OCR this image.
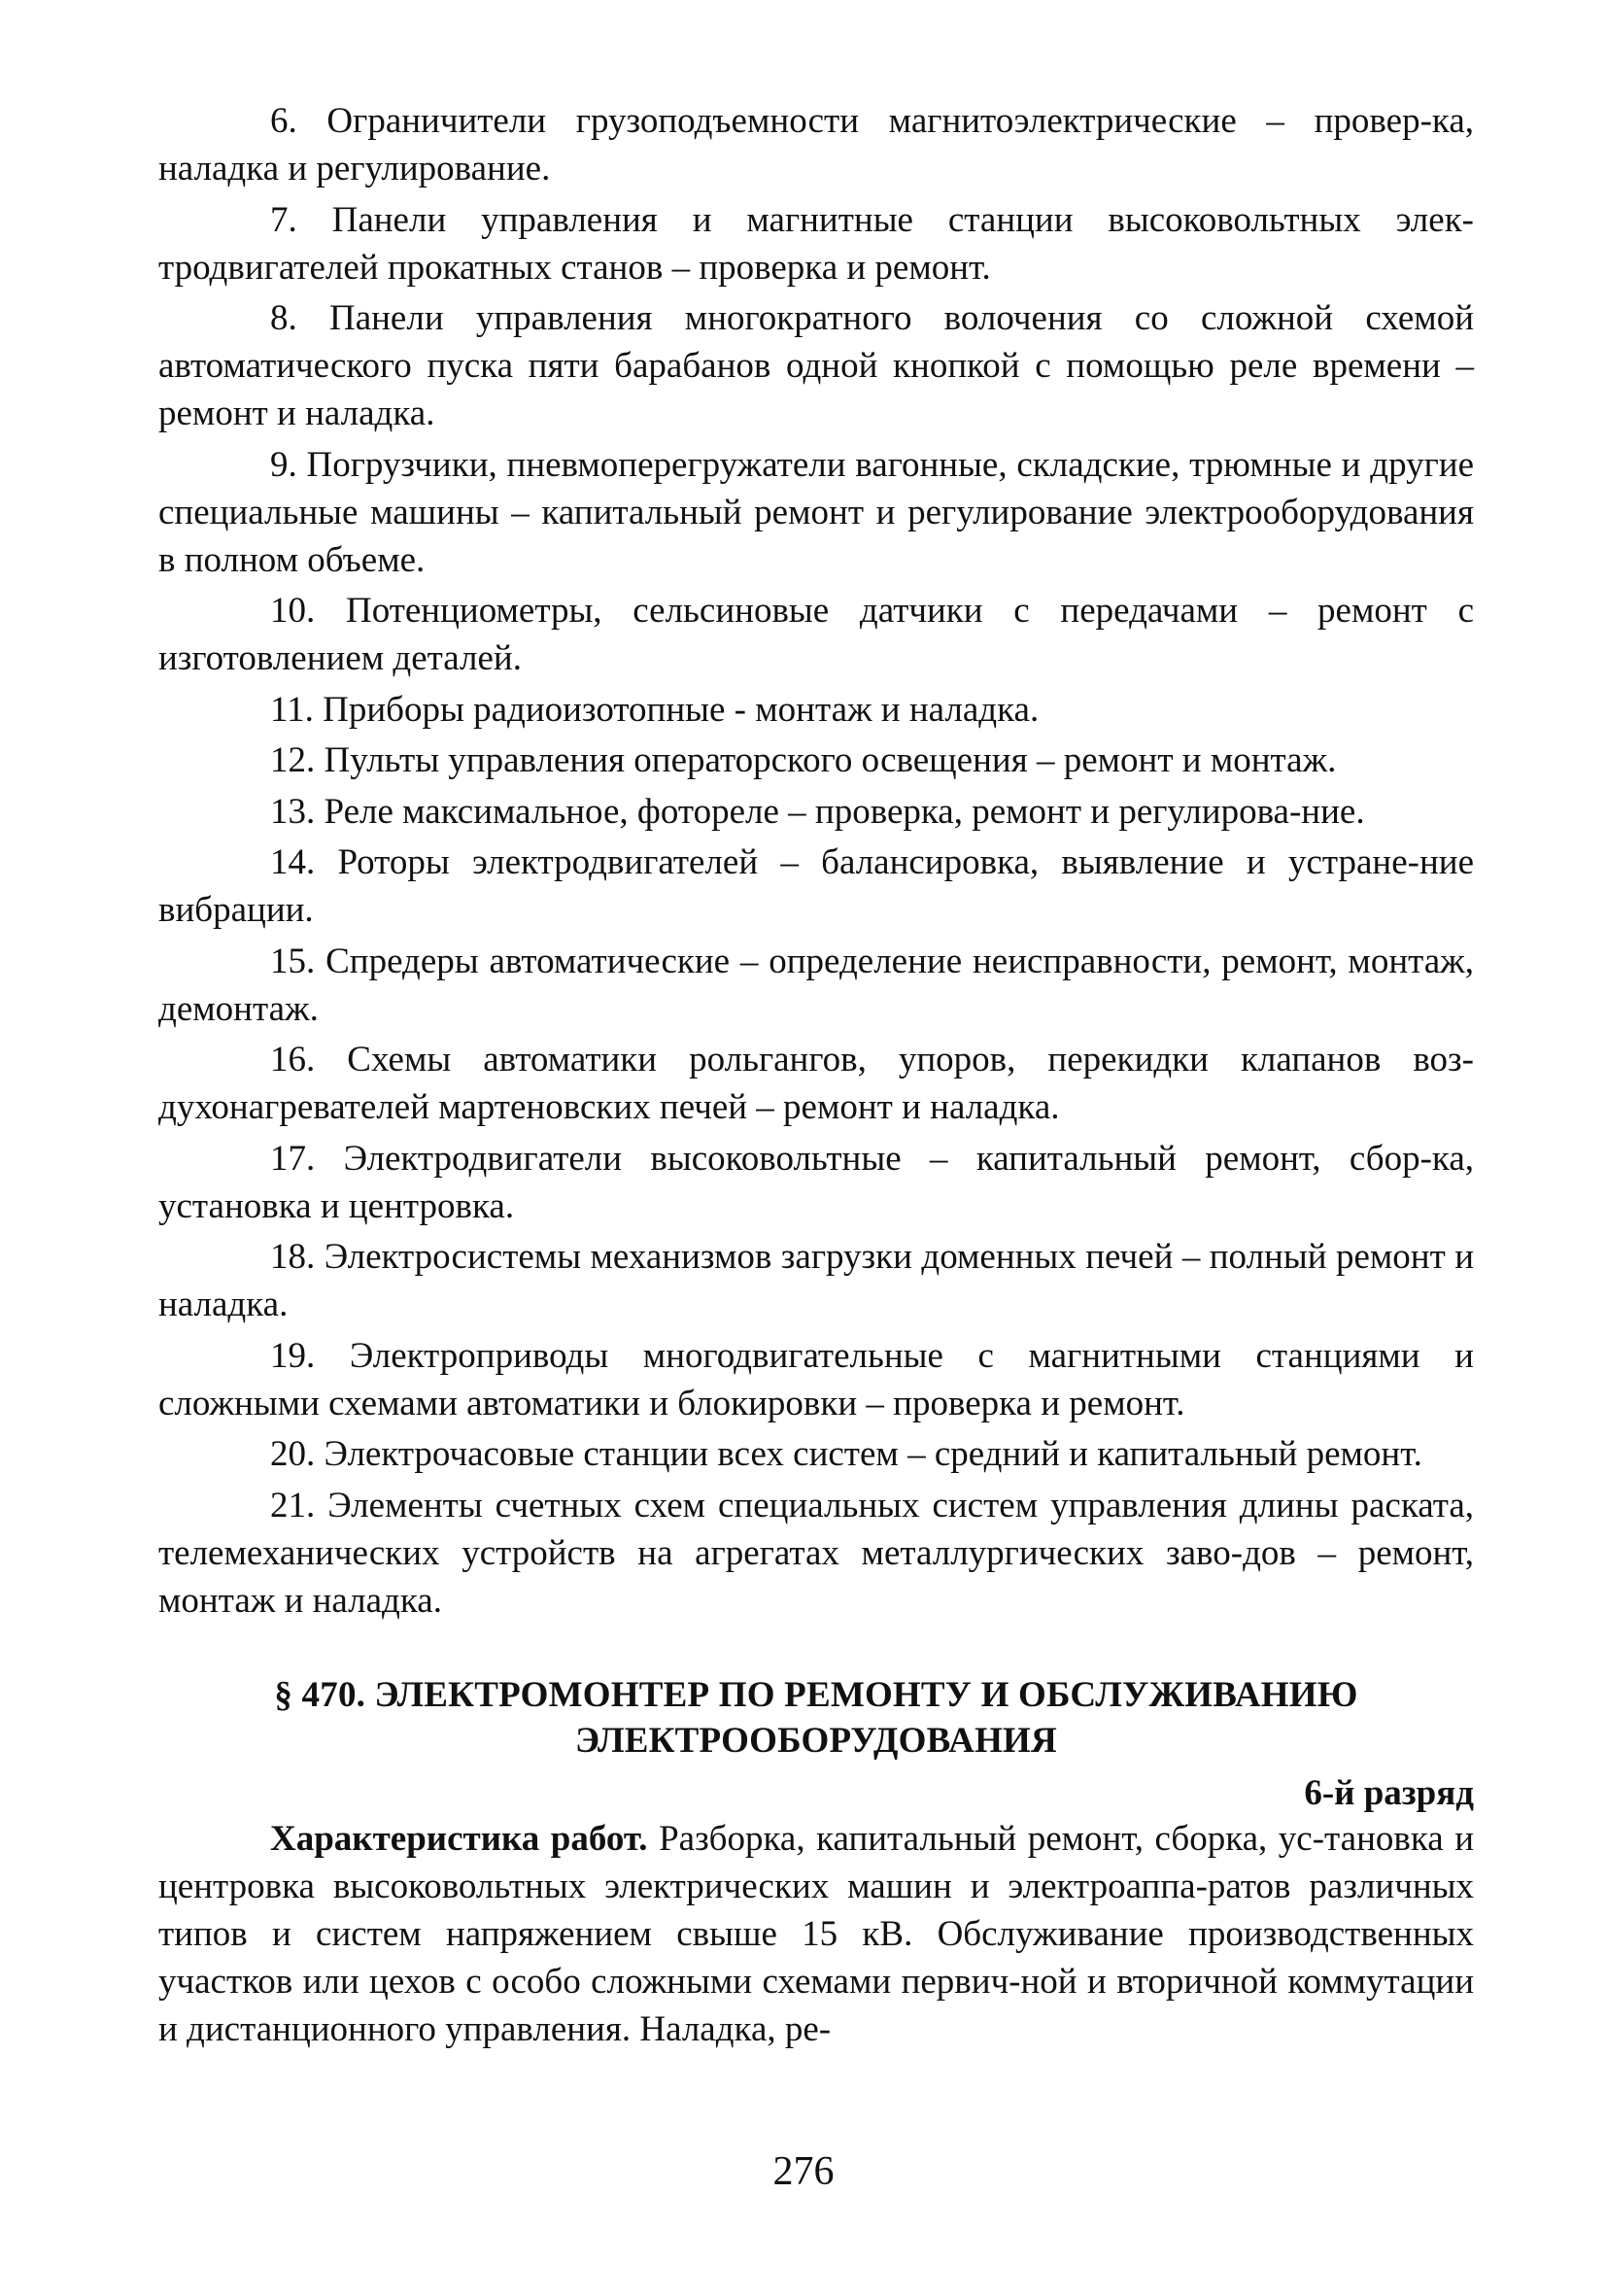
6. Ограничители грузоподъемности магнитоэлектрические – провер-ка, наладка и регулирование.

7. Панели управления и магнитные станции высоковольтных элек-тродвигателей прокатных станов – проверка и ремонт.

8. Панели управления многократного волочения со сложной схемой автоматического пуска пяти барабанов одной кнопкой с помощью реле времени – ремонт и наладка.

9. Погрузчики, пневмоперегружатели вагонные, складские, трюмные и другие специальные машины – капитальный ремонт и регулирование электрооборудования в полном объеме.

10. Потенциометры, сельсиновые датчики с передачами – ремонт с изготовлением деталей.

11. Приборы радиоизотопные - монтаж и наладка.

12. Пульты управления операторского освещения – ремонт и монтаж.

13. Реле максимальное, фотореле – проверка, ремонт и регулирова-ние.

14. Роторы электродвигателей – балансировка, выявление и устране-ние вибрации.

15. Спредеры автоматические – определение неисправности, ремонт, монтаж, демонтаж.

16. Схемы автоматики рольгангов, упоров, перекидки клапанов воз-духонагревателей мартеновских печей – ремонт и наладка.

17. Электродвигатели высоковольтные – капитальный ремонт, сбор-ка, установка и центровка.

18. Электросистемы механизмов загрузки доменных печей – полный ремонт и наладка.

19. Электроприводы многодвигательные с магнитными станциями и сложными схемами автоматики и блокировки – проверка и ремонт.

20. Электрочасовые станции всех систем – средний и капитальный ремонт.

21. Элементы счетных схем специальных систем управления длины раската, телемеханических устройств на агрегатах металлургических заво-дов – ремонт, монтаж и наладка.

§ 470. ЭЛЕКТРОМОНТЕР ПО РЕМОНТУ И ОБСЛУЖИВАНИЮ
ЭЛЕКТРООБОРУДОВАНИЯ
6-й разряд

Характеристика работ. Разборка, капитальный ремонт, сборка, ус-тановка и центровка высоковольтных электрических машин и электроаппа-ратов различных типов и систем напряжением свыше 15 кВ. Обслуживание производственных участков или цехов с особо сложными схемами первич-ной и вторичной коммутации и дистанционного управления. Наладка, ре-

276
